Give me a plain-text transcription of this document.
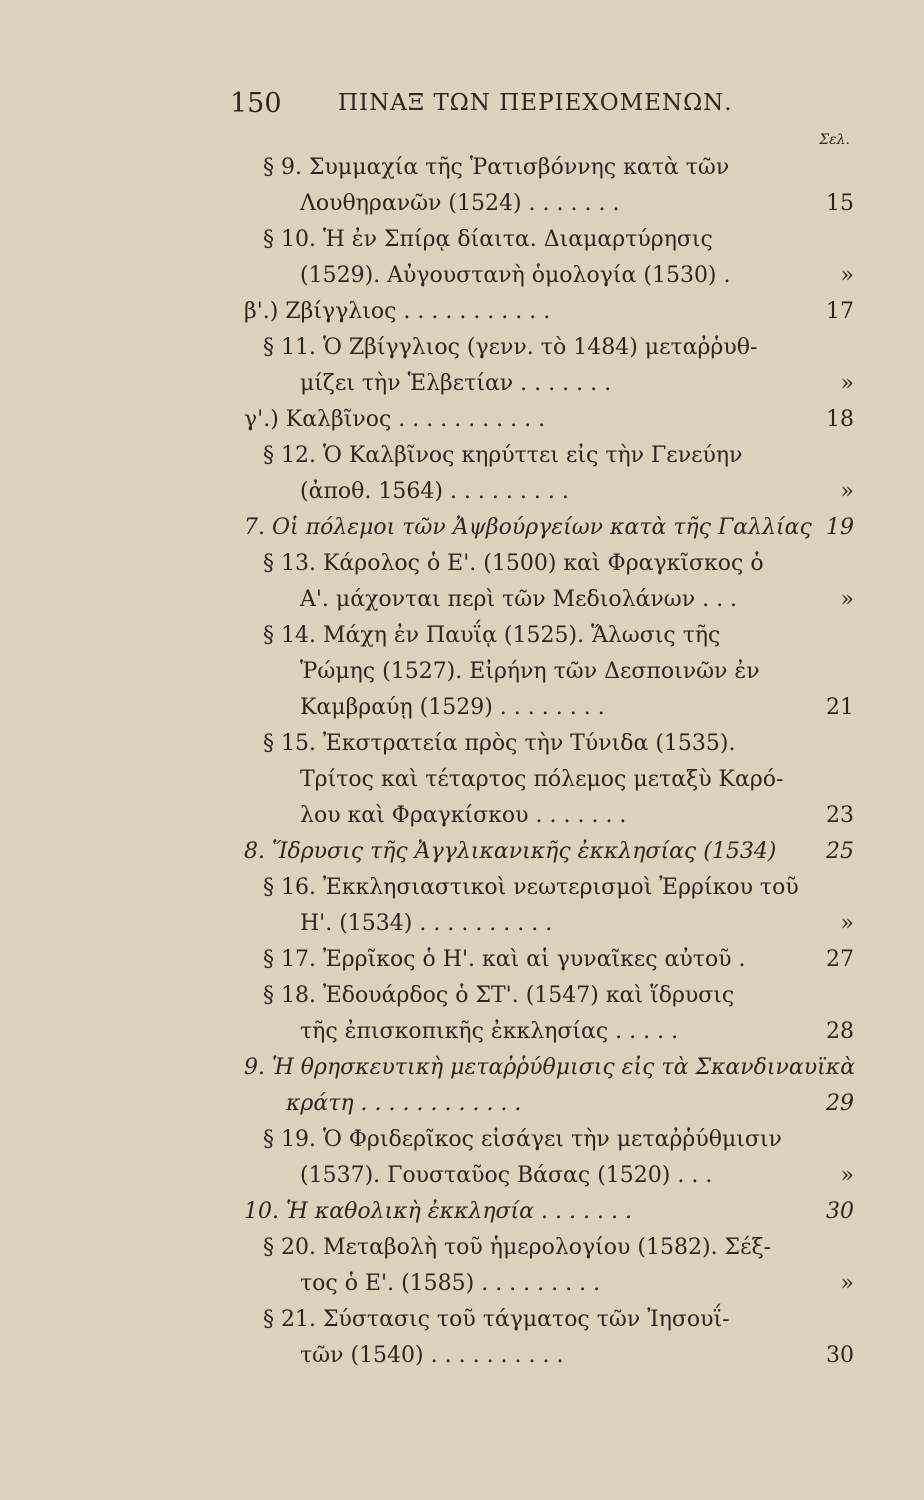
150 ΠΙΝΑΞ ΤΩΝ ΠΕΡΙΕΧΟΜΕΝΩΝ.
Σελ.
§ 9. Συμμαχία τῆς Ῥατισβόννης κατὰ τῶν
Λουθηρανῶν (1524) . . . . . . .	15
§ 10. Ἡ ἐν Σπίρᾳ δίαιτα. Διαμαρτύρησις
(1529). Αὐγουστανὴ ὁμολογία (1530) .	»
β'.) Ζβίγγλιος . . . . . . . . . . .	17
§ 11. Ὁ Ζβίγγλιος (γενν. τὸ 1484) μεταῤῥυθ-
μίζει τὴν Ἑλβετίαν . . . . . . .	»
γ'.) Καλβῖνος . . . . . . . . . . .	18
§ 12. Ὁ Καλβῖνος κηρύττει εἰς τὴν Γενεύην
(ἀποθ. 1564) . . . . . . . . .	»
7. Οἱ πόλεμοι τῶν Ἀψβούργείων κατὰ τῆς Γαλλίας 19
§ 13. Κάρολος ὁ Ε'. (1500) καὶ Φραγκῖσκος ὁ
Α'. μάχονται περὶ τῶν Μεδιολάνων . . .	»
§ 14. Μάχη ἐν Παυΐᾳ (1525). Ἅλωσις τῆς
Ῥώμης (1527). Εἰρήνη τῶν Δεσποινῶν ἐν
Καμβραύῃ (1529) . . . . . . . .	21
§ 15. Ἐκστρατεία πρὸς τὴν Τύνιδα (1535).
Τρίτος καὶ τέταρτος πόλεμος μεταξὺ Καρό-
λου καὶ Φραγκίσκου . . . . . . .	23
8. Ἵδρυσις τῆς Ἀγγλικανικῆς ἐκκλησίας (1534)	25
§ 16. Ἐκκλησιαστικοὶ νεωτερισμοὶ Ἐρρίκου τοῦ
Η'. (1534) . . . . . . . . . .	»
§ 17. Ἐρρῖκος ὁ Η'. καὶ αἱ γυναῖκες αὐτοῦ .	27
§ 18. Ἐδουάρδος ὁ ΣΤ'. (1547) καὶ ἵδρυσις
τῆς ἐπισκοπικῆς ἐκκλησίας . . . . .	28
9. Ἡ θρησκευτικὴ μεταῤῥύθμισις εἰς τὰ Σκανδιναυϊκὰ
κράτη . . . . . . . . . . . .	29
§ 19. Ὁ Φριδερῖκος εἰσάγει τὴν μεταῤῥύθμισιν
(1537). Γουσταῦος Βάσας (1520) . . .	»
10. Ἡ καθολικὴ ἐκκλησία . . . . . . .	30
§ 20. Μεταβολὴ τοῦ ἡμερολογίου (1582). Σέξ-
τος ὁ Ε'. (1585) . . . . . . . . .	»
§ 21. Σύστασις τοῦ τάγματος τῶν Ἰησουΐ-
τῶν (1540) . . . . . . . . . .	30
